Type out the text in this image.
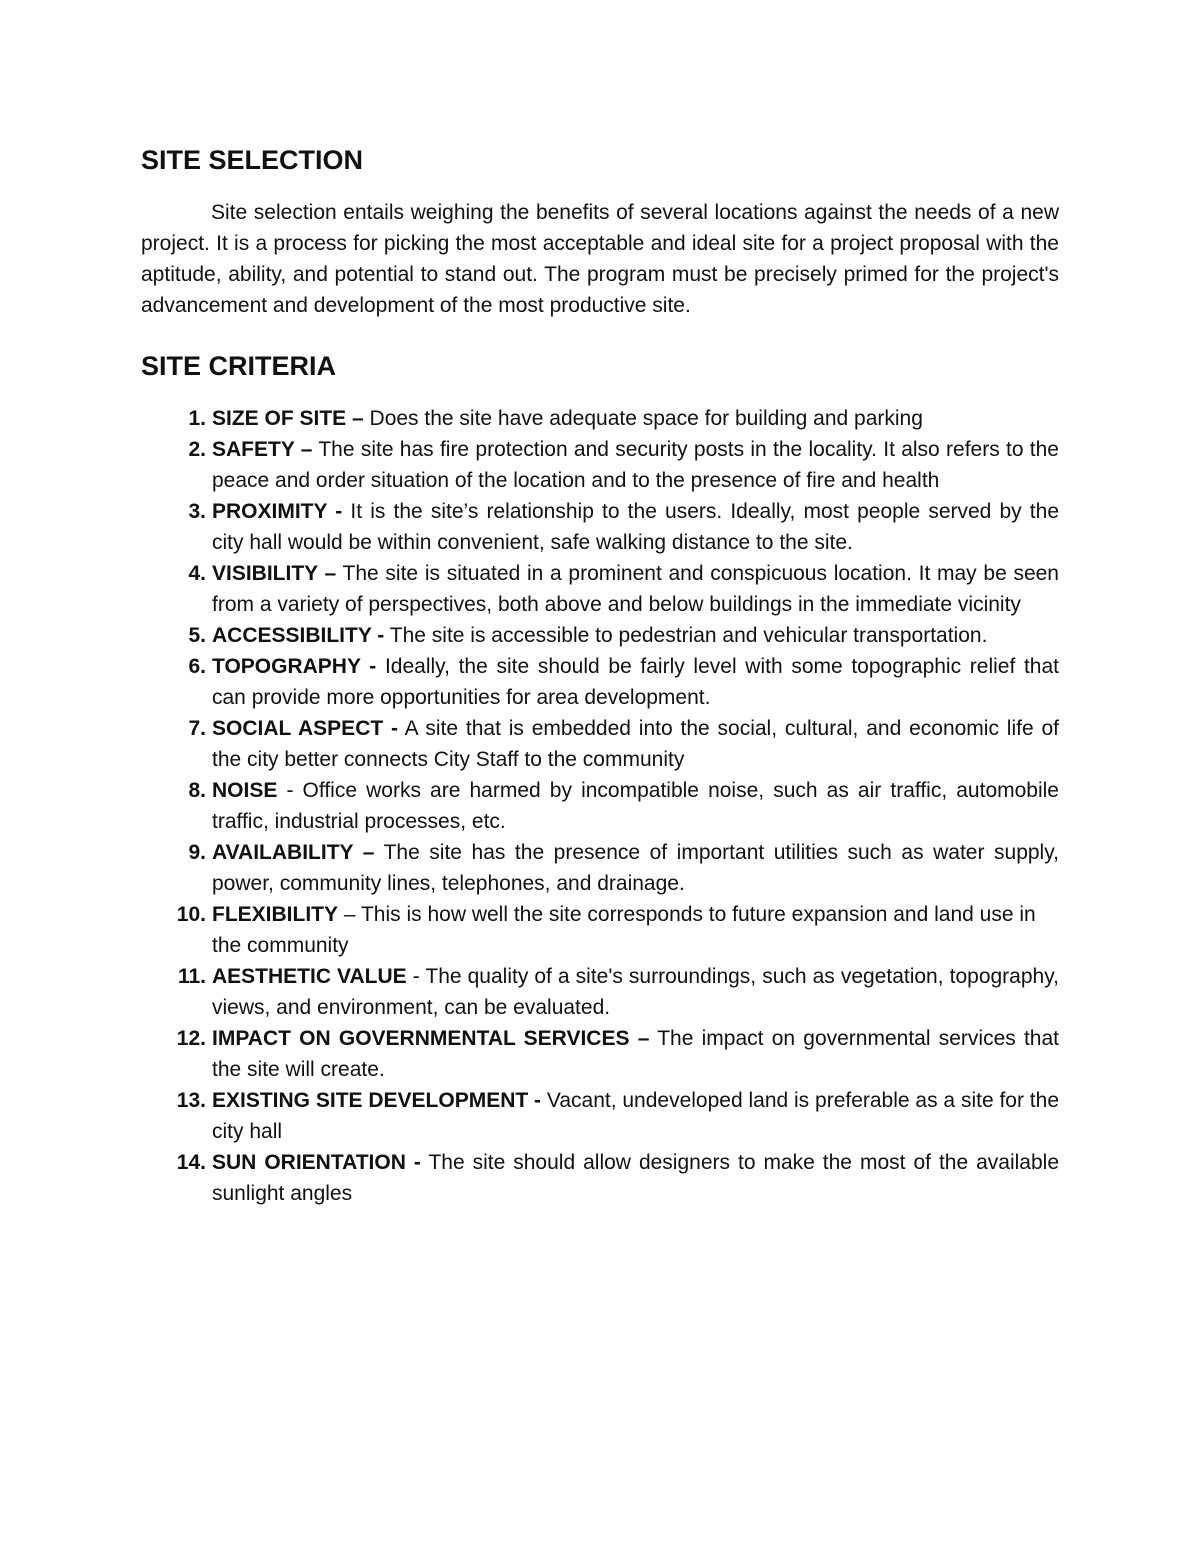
SITE SELECTION

Site selection entails weighing the benefits of several locations against the needs of a new project. It is a process for picking the most acceptable and ideal site for a project proposal with the aptitude, ability, and potential to stand out. The program must be precisely primed for the project's advancement and development of the most productive site.

SITE CRITERIA
1. SIZE OF SITE – Does the site have adequate space for building and parking
2. SAFETY – The site has fire protection and security posts in the locality. It also refers to the peace and order situation of the location and to the presence of fire and health
3. PROXIMITY - It is the site’s relationship to the users. Ideally, most people served by the city hall would be within convenient, safe walking distance to the site.
4. VISIBILITY – The site is situated in a prominent and conspicuous location. It may be seen from a variety of perspectives, both above and below buildings in the immediate vicinity
5. ACCESSIBILITY - The site is accessible to pedestrian and vehicular transportation.
6. TOPOGRAPHY - Ideally, the site should be fairly level with some topographic relief that can provide more opportunities for area development.
7. SOCIAL ASPECT - A site that is embedded into the social, cultural, and economic life of the city better connects City Staff to the community
8. NOISE - Office works are harmed by incompatible noise, such as air traffic, automobile traffic, industrial processes, etc.
9. AVAILABILITY – The site has the presence of important utilities such as water supply, power, community lines, telephones, and drainage.
10. FLEXIBILITY – This is how well the site corresponds to future expansion and land use in the community
11. AESTHETIC VALUE - The quality of a site's surroundings, such as vegetation, topography, views, and environment, can be evaluated.
12. IMPACT ON GOVERNMENTAL SERVICES – The impact on governmental services that the site will create.
13. EXISTING SITE DEVELOPMENT - Vacant, undeveloped land is preferable as a site for the city hall
14. SUN ORIENTATION - The site should allow designers to make the most of the available sunlight angles
